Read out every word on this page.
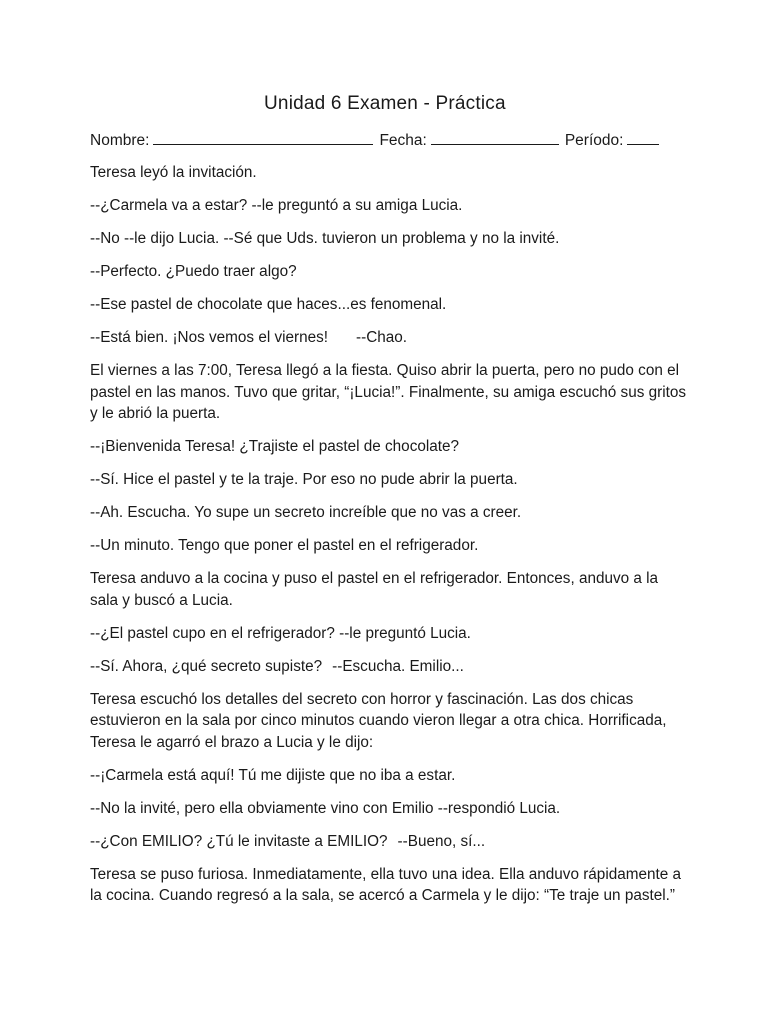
Unidad 6 Examen - Práctica
Nombre:	Fecha:	Período:

Teresa leyó la invitación.

--¿Carmela va a estar? --le preguntó a su amiga Lucia.

--No --le dijo Lucia. --Sé que Uds. tuvieron un problema y no la invité.

--Perfecto. ¿Puedo traer algo?

--Ese pastel de chocolate que haces...es fenomenal.

--Está bien. ¡Nos vemos el viernes! --Chao.

El viernes a las 7:00, Teresa llegó a la fiesta. Quiso abrir la puerta, pero no pudo con el pastel en las manos. Tuvo que gritar, “¡Lucia!”. Finalmente, su amiga escuchó sus gritos y le abrió la puerta.

--¡Bienvenida Teresa! ¿Trajiste el pastel de chocolate?

--Sí. Hice el pastel y te la traje. Por eso no pude abrir la puerta.

--Ah. Escucha. Yo supe un secreto increíble que no vas a creer.

--Un minuto. Tengo que poner el pastel en el refrigerador.

Teresa anduvo a la cocina y puso el pastel en el refrigerador. Entonces, anduvo a la sala y buscó a Lucia.

--¿El pastel cupo en el refrigerador? --le preguntó Lucia.

--Sí. Ahora, ¿qué secreto supiste? --Escucha. Emilio...

Teresa escuchó los detalles del secreto con horror y fascinación. Las dos chicas estuvieron en la sala por cinco minutos cuando vieron llegar a otra chica. Horrificada, Teresa le agarró el brazo a Lucia y le dijo:

--¡Carmela está aquí! Tú me dijiste que no iba a estar.

--No la invité, pero ella obviamente vino con Emilio --respondió Lucia.

--¿Con EMILIO? ¿Tú le invitaste a EMILIO? --Bueno, sí...

Teresa se puso furiosa. Inmediatamente, ella tuvo una idea. Ella anduvo rápidamente a la cocina. Cuando regresó a la sala, se acercó a Carmela y le dijo: “Te traje un pastel.”
